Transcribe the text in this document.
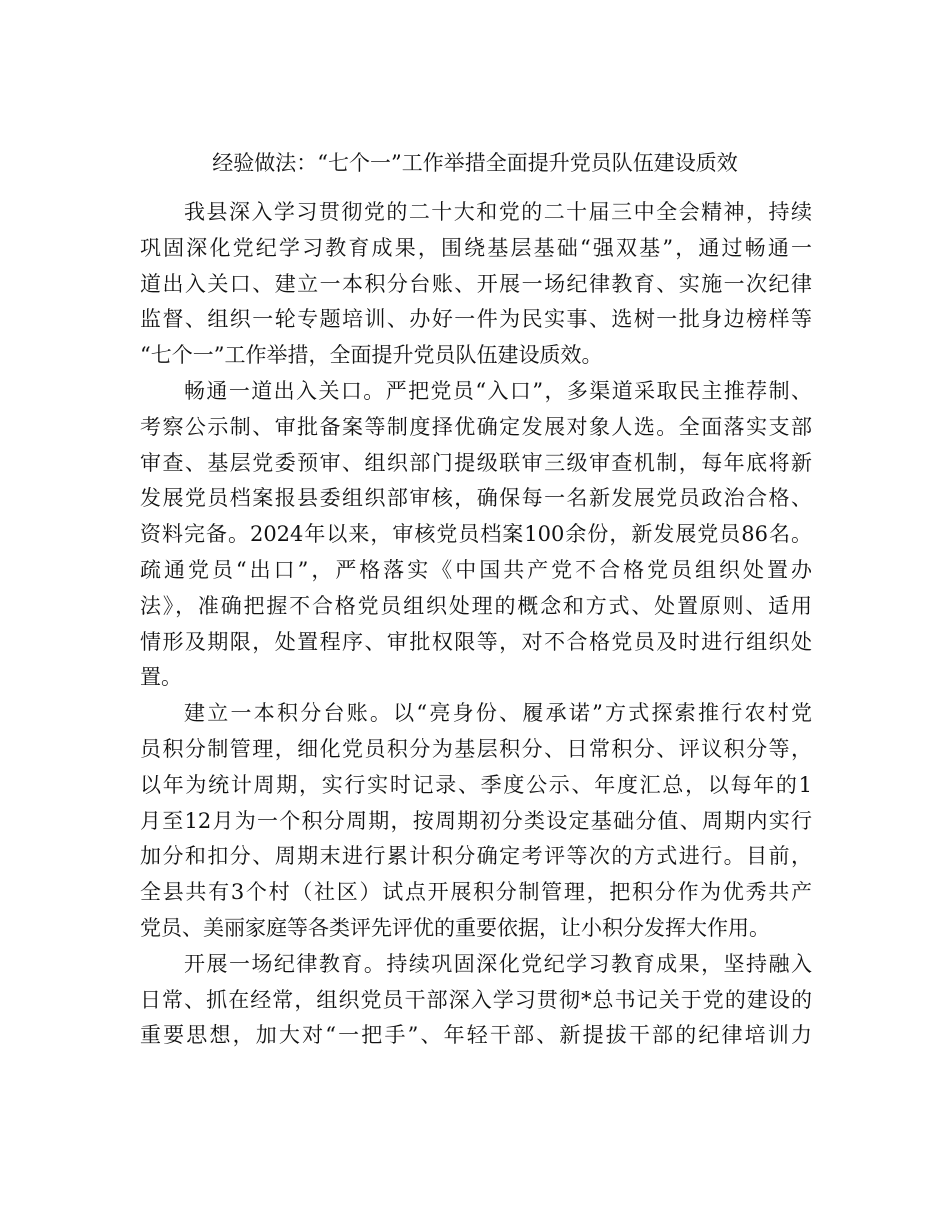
经验做法：“七个一”工作举措全面提升党员队伍建设质效
我县深入学习贯彻党的二十大和党的二十届三中全会精神，持续
巩固深化党纪学习教育成果，围绕基层基础“强双基”，通过畅通一
道出入关口、建立一本积分台账、开展一场纪律教育、实施一次纪律
监督、组织一轮专题培训、办好一件为民实事、选树一批身边榜样等
“七个一”工作举措，全面提升党员队伍建设质效。
畅通一道出入关口。严把党员“入口”，多渠道采取民主推荐制、
考察公示制、审批备案等制度择优确定发展对象人选。全面落实支部
审查、基层党委预审、组织部门提级联审三级审查机制，每年底将新
发展党员档案报县委组织部审核，确保每一名新发展党员政治合格、
资料完备。2024年以来，审核党员档案100余份，新发展党员86名。
疏通党员“出口”，严格落实《中国共产党不合格党员组织处置办
法》，准确把握不合格党员组织处理的概念和方式、处置原则、适用
情形及期限，处置程序、审批权限等，对不合格党员及时进行组织处
置。
建立一本积分台账。以“亮身份、履承诺”方式探索推行农村党
员积分制管理，细化党员积分为基层积分、日常积分、评议积分等，
以年为统计周期，实行实时记录、季度公示、年度汇总，以每年的1
月至12月为一个积分周期，按周期初分类设定基础分值、周期内实行
加分和扣分、周期末进行累计积分确定考评等次的方式进行。目前，
全县共有3个村（社区）试点开展积分制管理，把积分作为优秀共产
党员、美丽家庭等各类评先评优的重要依据，让小积分发挥大作用。
开展一场纪律教育。持续巩固深化党纪学习教育成果，坚持融入
日常、抓在经常，组织党员干部深入学习贯彻*总书记关于党的建设的
重要思想，加大对“一把手”、年轻干部、新提拔干部的纪律培训力
